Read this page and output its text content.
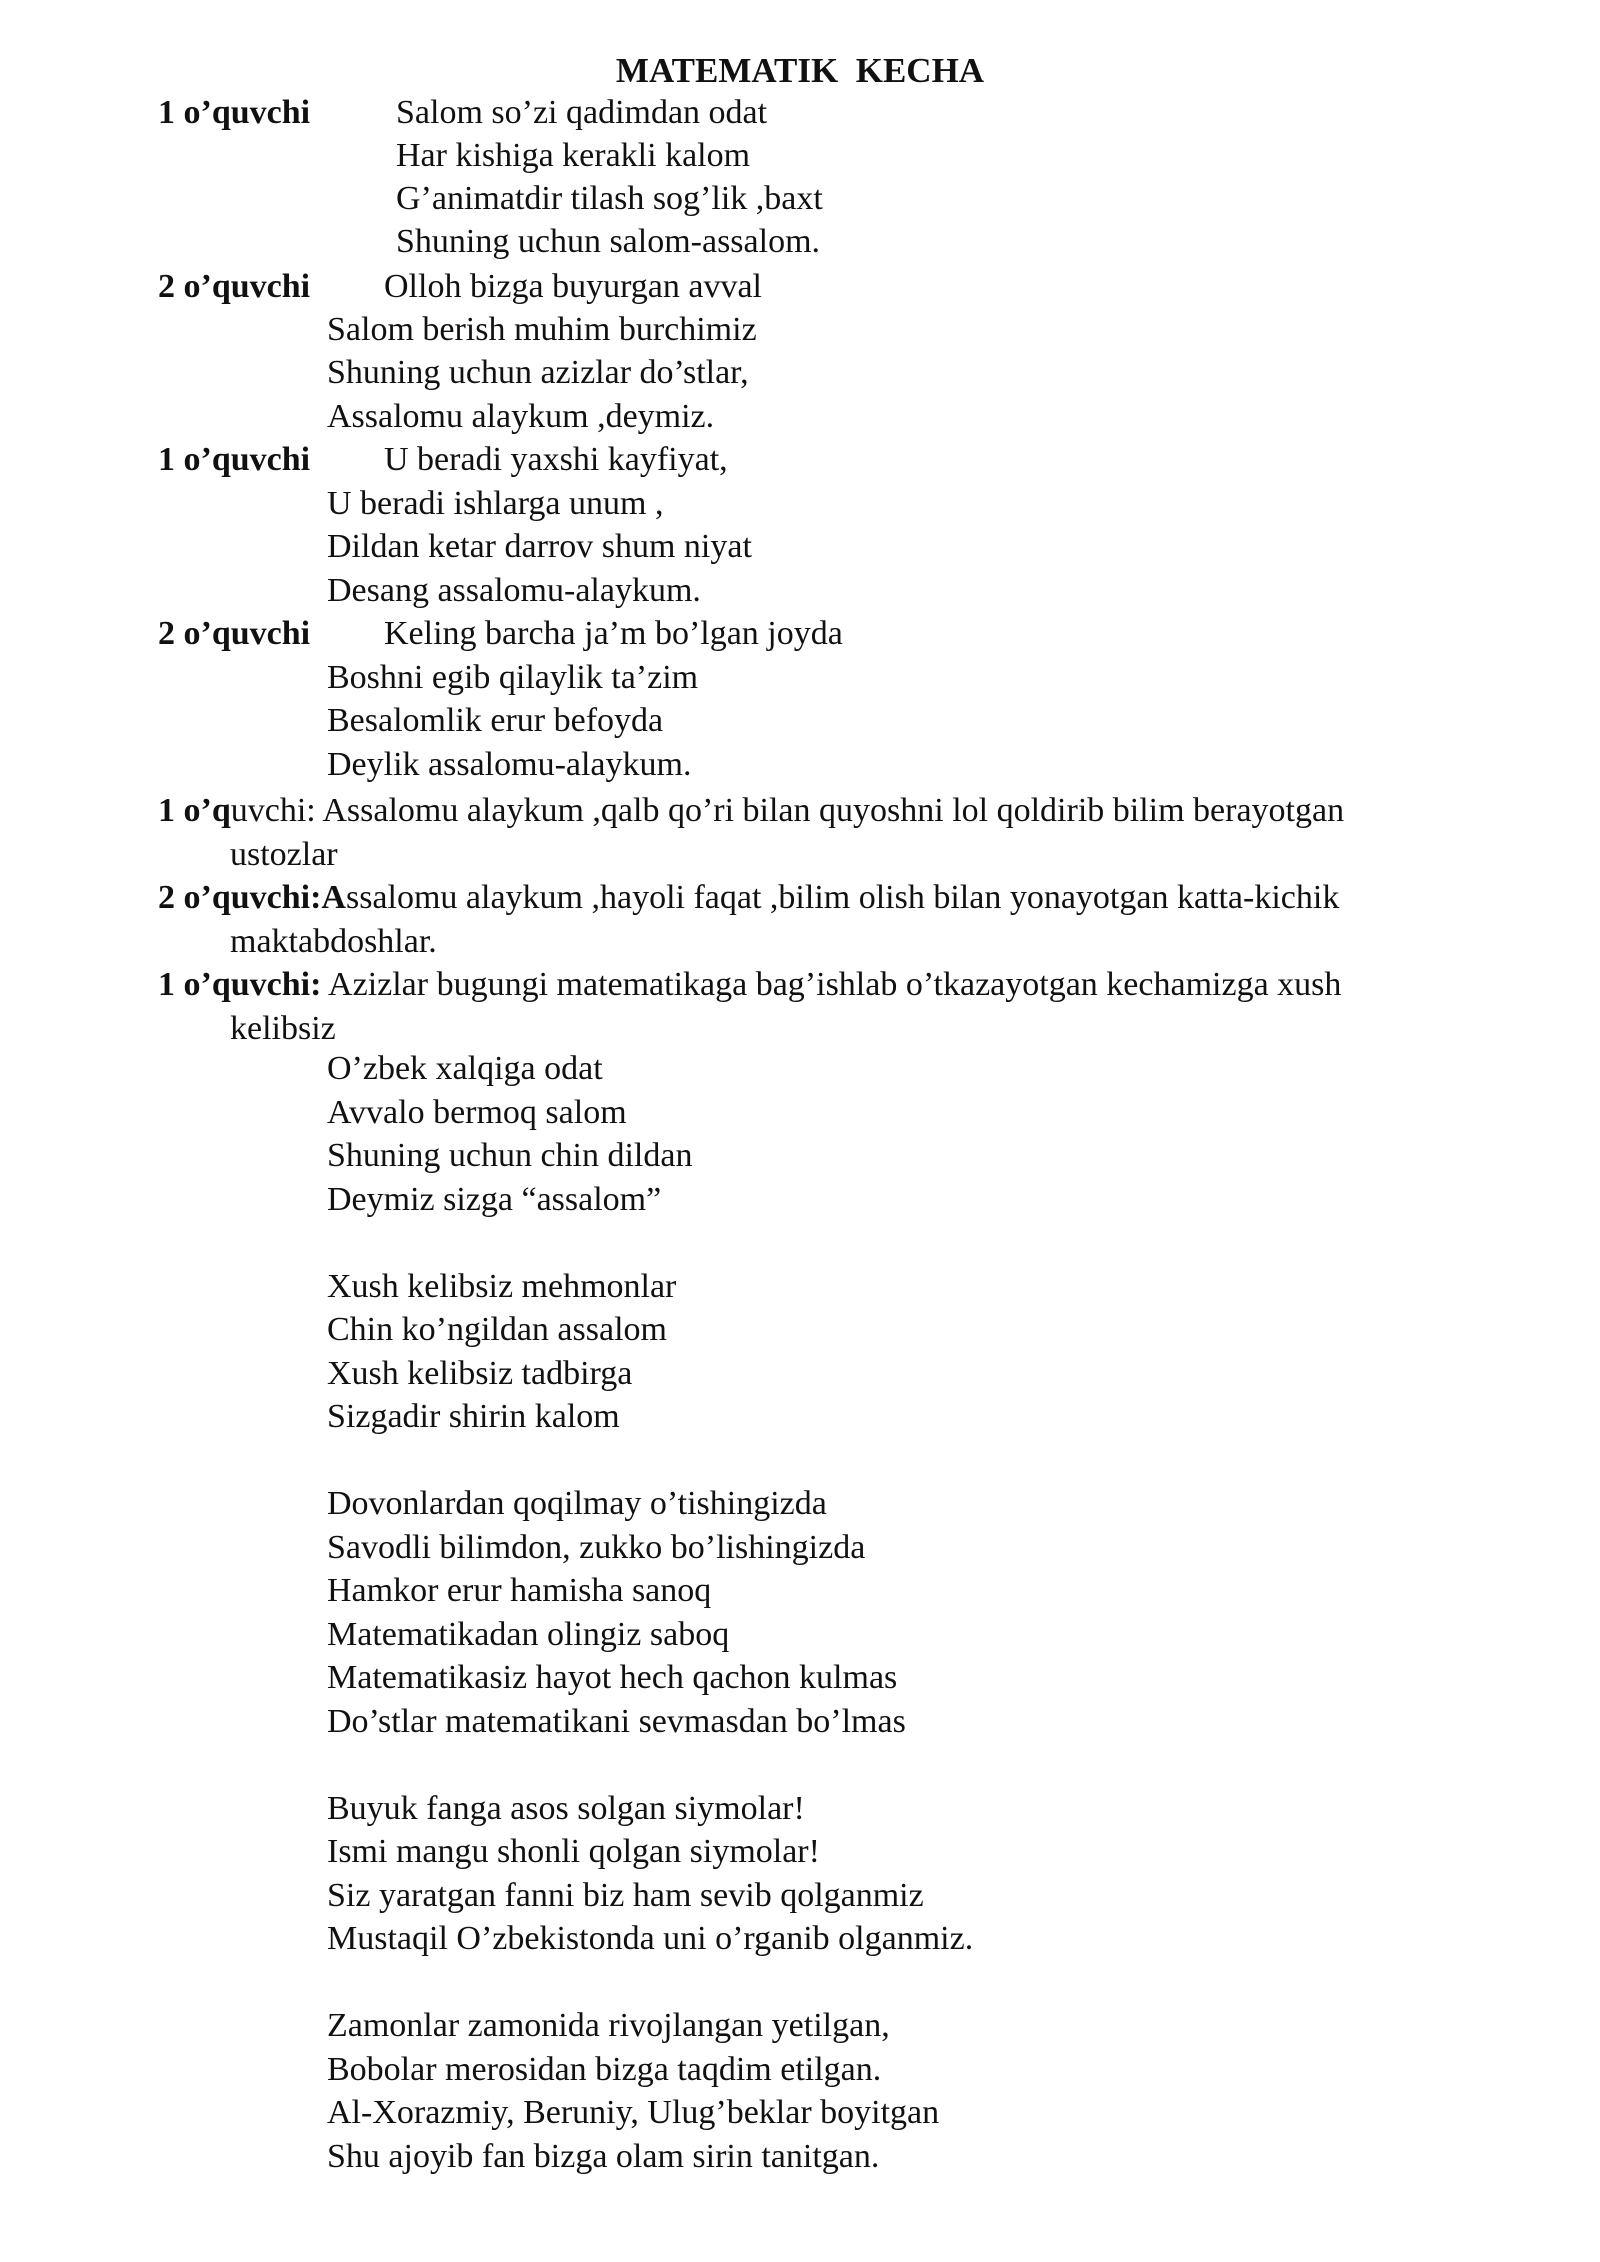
MATEMATIK  KECHA
1 o’quvchi	Salom so’zi qadimdan odat
Har kishiga kerakli kalom
G’animatdir tilash sog’lik ,baxt
Shuning uchun salom-assalom.
2 o’quvchi Olloh bizga buyurgan avval
Salom berish muhim burchimiz
Shuning uchun azizlar do’stlar,
Assalomu alaykum ,deymiz.
1 o’quvchi U beradi yaxshi kayfiyat,
U beradi ishlarga unum ,
Dildan ketar darrov shum niyat
Desang assalomu-alaykum.
2 o’quvchi Keling barcha ja’m bo’lgan joyda
Boshni egib qilaylik ta’zim
Besalomlik erur befoyda
Deylik assalomu-alaykum.
1 o’quvchi: Assalomu alaykum ,qalb qo’ri bilan quyoshni lol qoldirib bilim berayotgan
ustozlar
2 o’quvchi:Assalomu alaykum ,hayoli faqat ,bilim olish bilan yonayotgan katta-kichik
maktabdoshlar.
1 o’quvchi: Azizlar bugungi matematikaga bag’ishlab o’tkazayotgan kechamizga xush
kelibsiz
O’zbek xalqiga odat
Avvalo bermoq salom
Shuning uchun chin dildan
Deymiz sizga “assalom”
Xush kelibsiz mehmonlar
Chin ko’ngildan assalom
Xush kelibsiz tadbirga
Sizgadir shirin kalom
Dovonlardan qoqilmay o’tishingizda
Savodli bilimdon, zukko bo’lishingizda
Hamkor erur hamisha sanoq
Matematikadan olingiz saboq
Matematikasiz hayot hech qachon kulmas
Do’stlar matematikani sevmasdan bo’lmas
Buyuk fanga asos solgan siymolar!
Ismi mangu shonli qolgan siymolar!
Siz yaratgan fanni biz ham sevib qolganmiz
Mustaqil O’zbekistonda uni o’rganib olganmiz.
Zamonlar zamonida rivojlangan yetilgan,
Bobolar merosidan bizga taqdim etilgan.
Al-Xorazmiy, Beruniy, Ulug’beklar boyitgan
Shu ajoyib fan bizga olam sirin tanitgan.
